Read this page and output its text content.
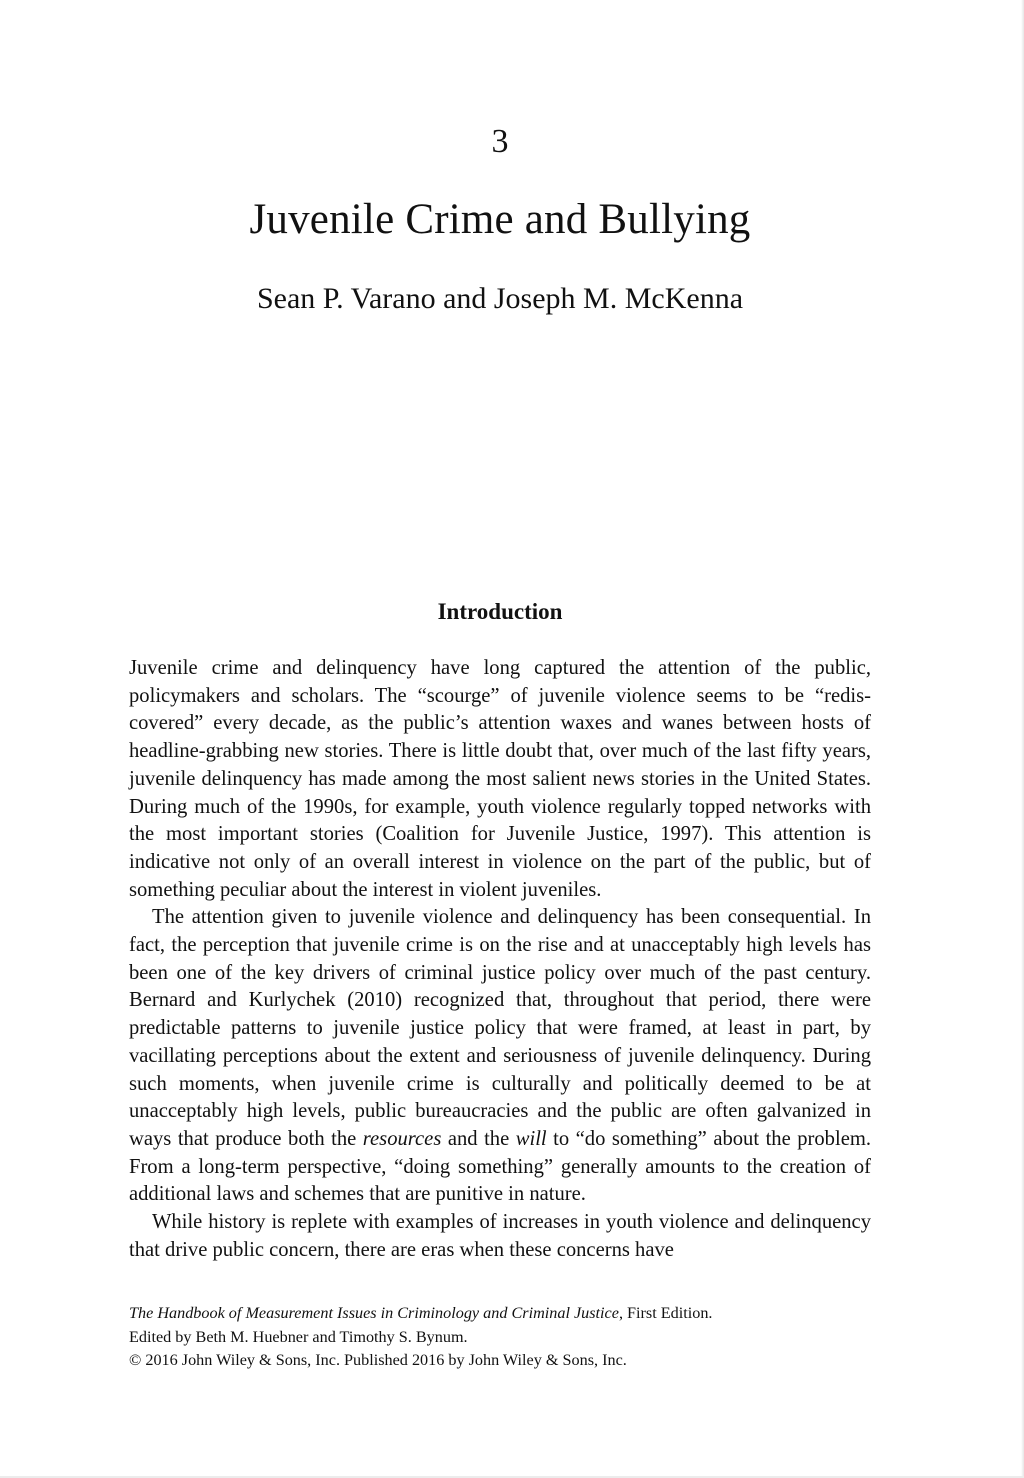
3
Juvenile Crime and Bullying
Sean P. Varano and Joseph M. McKenna
Introduction

Juvenile crime and delinquency have long captured the attention of the public, policymakers and scholars. The “scourge” of juvenile violence seems to be “rediscovered” every decade, as the public’s attention waxes and wanes between hosts of headline-grabbing new stories. There is little doubt that, over much of the last fifty years, juvenile delinquency has made among the most salient news stories in the United States. During much of the 1990s, for example, youth violence regularly topped networks with the most important stories (Coalition for Juvenile Justice, 1997). This attention is indicative not only of an overall interest in violence on the part of the public, but of something peculiar about the interest in violent juveniles.

The attention given to juvenile violence and delinquency has been consequential. In fact, the perception that juvenile crime is on the rise and at unacceptably high levels has been one of the key drivers of criminal justice policy over much of the past century. Bernard and Kurlychek (2010) recognized that, throughout that period, there were predictable patterns to juvenile justice policy that were framed, at least in part, by vacillating perceptions about the extent and seriousness of juvenile delinquency. During such moments, when juvenile crime is culturally and politically deemed to be at unacceptably high levels, public bureaucracies and the public are often galvanized in ways that produce both the resources and the will to “do something” about the problem. From a long-term perspective, “doing something” generally amounts to the creation of additional laws and schemes that are punitive in nature.

While history is replete with examples of increases in youth violence and delinquency that drive public concern, there are eras when these concerns have

The Handbook of Measurement Issues in Criminology and Criminal Justice, First Edition.
Edited by Beth M. Huebner and Timothy S. Bynum.
© 2016 John Wiley & Sons, Inc. Published 2016 by John Wiley & Sons, Inc.
